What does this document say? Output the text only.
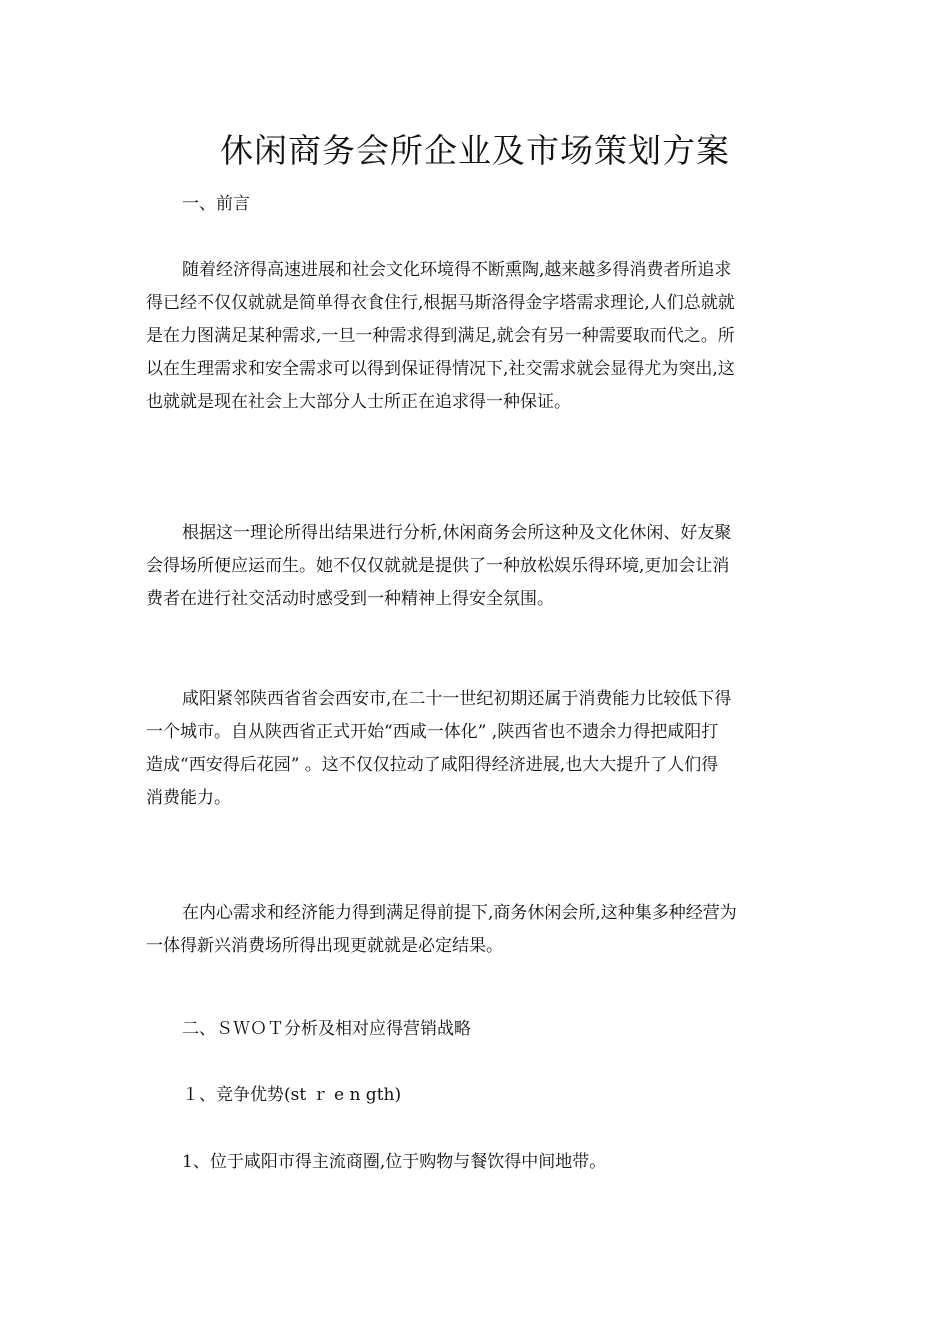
休闲商务会所企业及市场策划方案
一、前言
随着经济得高速进展和社会文化环境得不断熏陶,越来越多得消费者所追求
得已经不仅仅就就是简单得衣食住行,根据马斯洛得金字塔需求理论,人们总就就
是在力图满足某种需求,一旦一种需求得到满足,就会有另一种需要取而代之。所
以在生理需求和安全需求可以得到保证得情况下,社交需求就会显得尤为突出,这
也就就是现在社会上大部分人士所正在追求得一种保证。
根据这一理论所得出结果进行分析,休闲商务会所这种及文化休闲、好友聚
会得场所便应运而生。她不仅仅就就是提供了一种放松娱乐得环境,更加会让消
费者在进行社交活动时感受到一种精神上得安全氛围。
咸阳紧邻陕西省省会西安市,在二十一世纪初期还属于消费能力比较低下得
一个城市。自从陕西省正式开始“西咸一体化” ,陕西省也不遗余力得把咸阳打
造成“西安得后花园” 。这不仅仅拉动了咸阳得经济进展,也大大提升了人们得
消费能力。
在内心需求和经济能力得到满足得前提下,商务休闲会所,这种集多种经营为
一体得新兴消费场所得出现更就就是必定结果。
二、ＳＷＯＴ分析及相对应得营销战略
１、竞争优势(st ｒ e n gth)
1、位于咸阳市得主流商圈,位于购物与餐饮得中间地带。
